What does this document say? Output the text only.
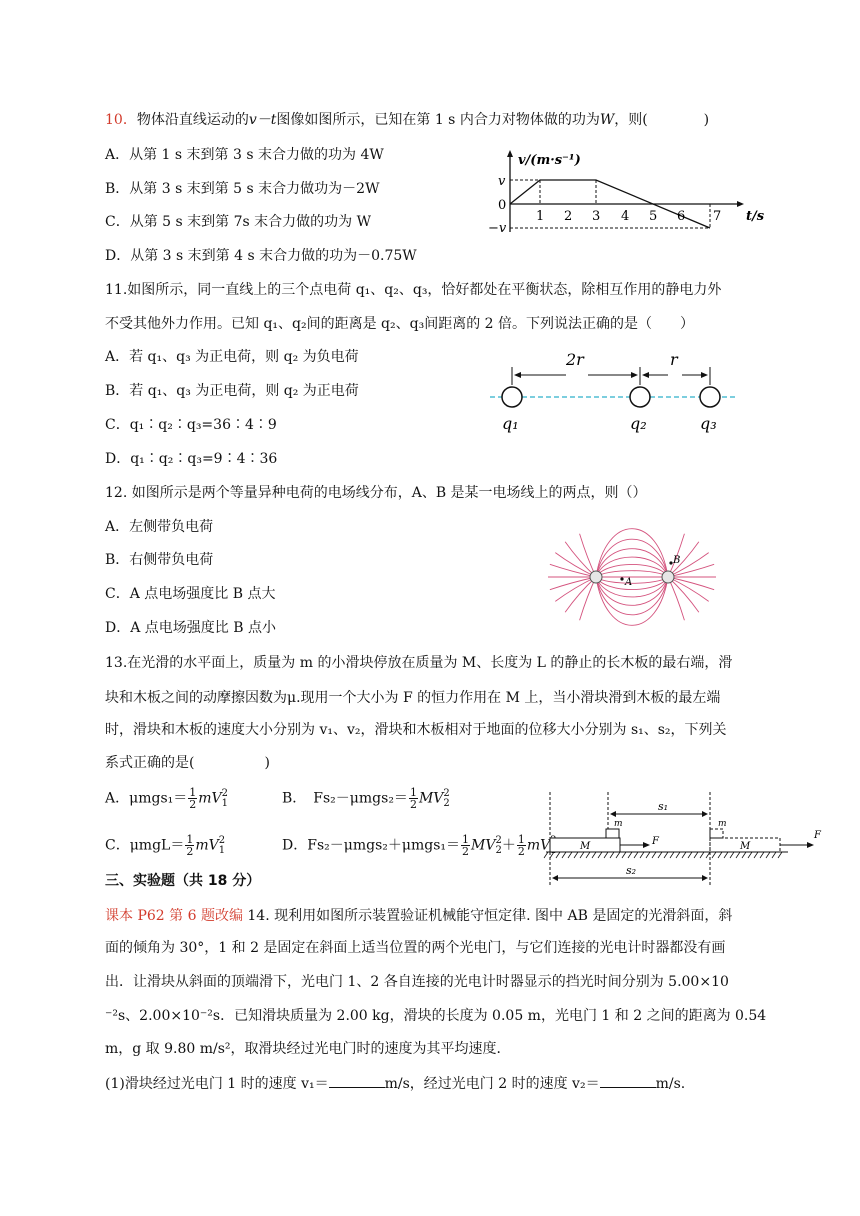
10．物体沿直线运动的v－t图像如图所示，已知在第 1 s 内合力对物体做的功为W，则(　　　　)
A．从第 1 s 末到第 3 s 末合力做的功为 4W
B．从第 3 s 末到第 5 s 末合力做功为－2W
C．从第 5 s 末到第 7s 末合力做的功为 W
D．从第 3 s 末到第 4 s 末合力做的功为－0.75W
v/(m·s⁻¹)
t/s
v
0
−v
1 2 3 4 5 6 7
11.如图所示，同一直线上的三个点电荷 q₁、q₂、q₃，恰好都处在平衡状态，除相互作用的静电力外
不受其他外力作用。已知 q₁、q₂间的距离是 q₂、q₃间距离的 2 倍。下列说法正确的是（　　）
A．若 q₁、q₃ 为正电荷，则 q₂ 为负电荷
B．若 q₁、q₃ 为正电荷，则 q₂ 为正电荷
C．q₁∶q₂∶q₃=36∶4∶9
D．q₁∶q₂∶q₃=9∶4∶36
2r	r
q₁	q₂	q₃
12. 如图所示是两个等量异种电荷的电场线分布，A、B 是某一电场线上的两点，则（）
A．左侧带负电荷
B．右侧带负电荷
C．A 点电场强度比 B 点大
D．A 点电场强度比 B 点小
A
B
13.在光滑的水平面上，质量为 m 的小滑块停放在质量为 M、长度为 L 的静止的长木板的最右端，滑
块和木板之间的动摩擦因数为μ.现用一个大小为 F 的恒力作用在 M 上，当小滑块滑到木板的最左端
时，滑块和木板的速度大小分别为 v₁、v₂，滑块和木板相对于地面的位移大小分别为 s₁、s₂，下列关
系式正确的是(　　　　　)
A．$\mu mgs_1= \frac{1}{2}$ mV 2
1	B．　$Fs_2-\mu mgs_2= \frac{1}{2}$ MV 2
2
C．$\mu mgL= \frac{1}{2}$ mV 2
1	D．$Fs_2-\mu mgs_2+\mu mgs_1= \frac{1}{2}$ MV 2
$2 + \frac{1}{2}$ mV
s₁
m
M	F
m
M
F
s₂
三、实验题（共 18 分）
课本 P62 第 6 题改编 14. 现利用如图所示装置验证机械能守恒定律. 图中 AB 是固定的光滑斜面，斜
面的倾角为 30°，1 和 2 是固定在斜面上适当位置的两个光电门，与它们连接的光电计时器都没有画
出．让滑块从斜面的顶端滑下，光电门 1、2 各自连接的光电计时器显示的挡光时间分别为 5.00×10
⁻²s、2.00×10⁻²s．已知滑块质量为 2.00 kg，滑块的长度为 0.05 m，光电门 1 和 2 之间的距离为 0.54
m，g 取 9.80 m/s²，取滑块经过光电门时的速度为其平均速度．
(1)滑块经过光电门 1 时的速度 v₁＝	m/s，经过光电门 2 时的速度 v₂＝	m/s.
